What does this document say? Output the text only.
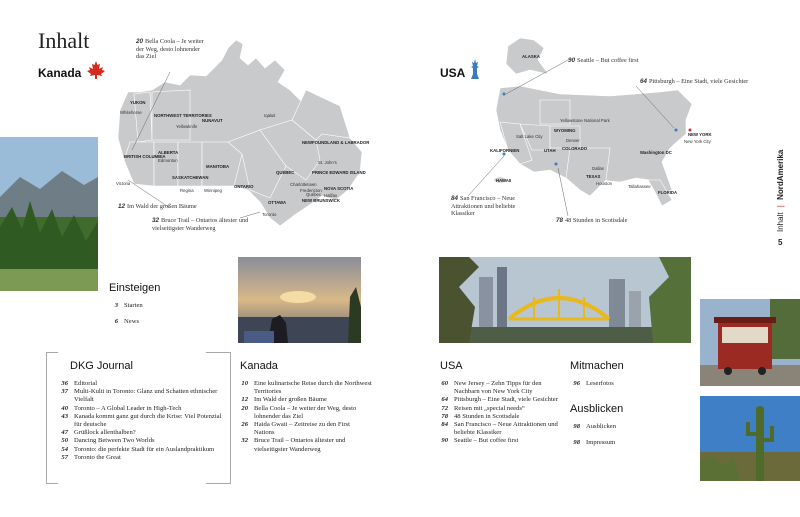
Inhalt
Kanada
YUKON
Whitehorse
NORTHWEST TERRITORIES
Yellowknife
NUNAVUT
Iqaluit
BRITISH COLUMBIA
ALBERTA
Edmonton
Victoria
SASKATCHEWAN
Regina
MANITOBA
Winnipeg
ONTARIO
OTTAWA
Toronto
QUÉBEC
Québec
NEWFOUNDLAND & LABRADOR
St. John's
PRINCE EDWARD ISLAND
Charlottetown
Fredericton NOVA SCOTIA
Halifax
NEW BRUNSWICK
20 Bella Coola – Je weiter der Weg, desto lohnender das Ziel
12 Im Wald der großen Bäume
32 Bruce Trail – Ontarios ältester und vielseitigster Wanderweg
USA
ALASKA
HAWAII
Yellowstone National Park
WYOMING
Salt Lake City
UTAH
Denver
COLORADO
KALIFORNIEN
Dallas
TEXAS
Houston
Tallahassee
FLORIDA
Washington DC
NEW YORK
New York City
90 Seattle – But coffee first
64 Pittsburgh – Eine Stadt, viele Gesichter
84 San Francisco – Neue Attraktionen und beliebte Klassiker
78 48 Stunden in Scottsdale
Einsteigen
3 Starten
6 News
DKG Journal
36 Editorial
37 Multi-Kulti in Toronto: Glanz und Schatten ethnischer Vielfalt
40 Toronto – A Global Leader in High-Tech
43 Kanada kommt ganz gut durch die Krise: Viel Potenzial für deutsche
47 Grüßlock allenthalben?
50 Dancing Between Two Worlds
54 Toronto: die perfekte Stadt für ein Auslandpraktikum
57 Toronto the Great
Kanada
10 Eine kulinarische Reise durch die Northwest Territories
12 Im Wald der großen Bäume
20 Bella Coola – Je weiter der Weg, desto lohnender das Ziel
26 Haida Gwaii – Zeitreise zu den First Nations
32 Bruce Trail – Ontarios ältester und vielseitigster Wanderweg
USA
60 New Jersey – Zehn Tipps für den Nachbarn von New York City
64 Pittsburgh – Eine Stadt, viele Gesichter
72 Reisen mit „special needs“
78 48 Stunden in Scottsdale
84 San Francisco – Neue Attraktionen und beliebte Klassiker
90 Seattle – But coffee first
Mitmachen
96 Leserfotos
Ausblicken
98 Ausblicken
98 Impressum
Inhalt | NordAmerika
5
